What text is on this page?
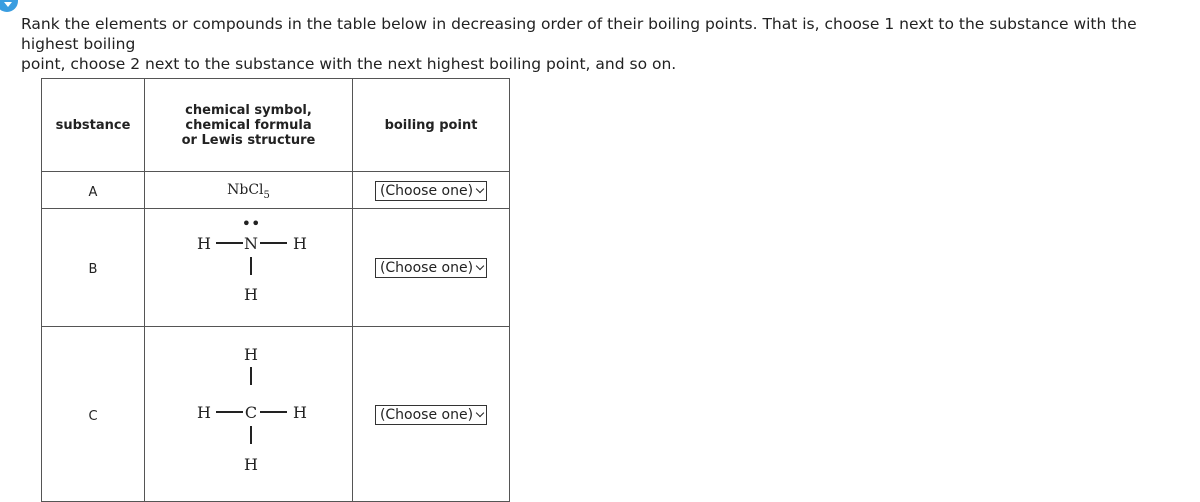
Rank the elements or compounds in the table below in decreasing order of their boiling points. That is, choose 1 next to the substance with the highest boiling
point, choose 2 next to the substance with the next highest boiling point, and so on.
substance	chemical symbol,
chemical formula
or Lewis structure	boiling point
A	NbCl$_5$	(Choose one)

B	••
H N H
H	(Choose one)

C	H
H C H
H	(Choose one)
